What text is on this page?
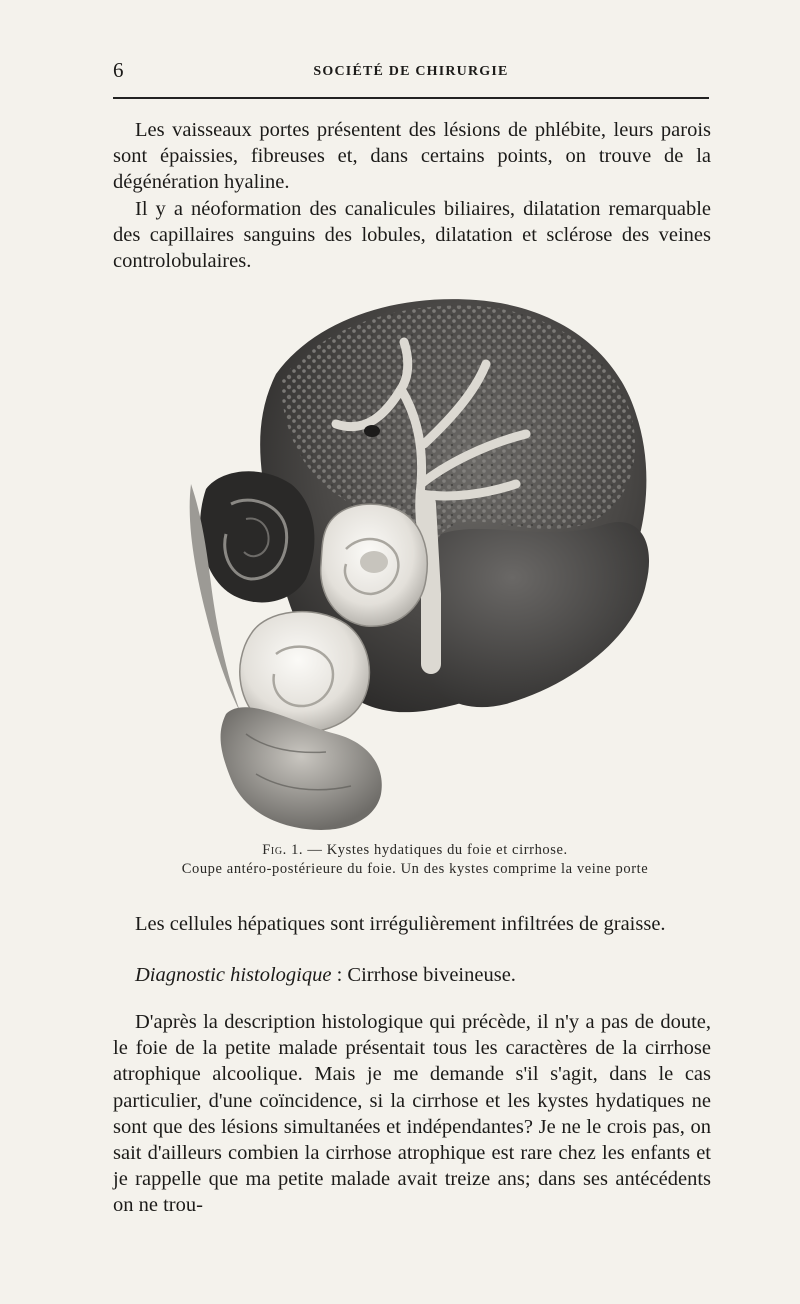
6	SOCIÉTÉ DE CHIRURGIE

Les vaisseaux portes présentent des lésions de phlébite, leurs parois sont épaissies, fibreuses et, dans certains points, on trouve de la dégénération hyaline.

Il y a néoformation des canalicules biliaires, dilatation remarquable des capillaires sanguins des lobules, dilatation et sclérose des veines controlobulaires.

Fig. 1. — Kystes hydatiques du foie et cirrhose.
Coupe antéro-postérieure du foie. Un des kystes comprime la veine porte

Les cellules hépatiques sont irrégulièrement infiltrées de graisse.

Diagnostic histologique : Cirrhose biveineuse.

D'après la description histologique qui précède, il n'y a pas de doute, le foie de la petite malade présentait tous les caractères de la cirrhose atrophique alcoolique. Mais je me demande s'il s'agit, dans le cas particulier, d'une coïncidence, si la cirrhose et les kystes hydatiques ne sont que des lésions simultanées et indépendantes? Je ne le crois pas, on sait d'ailleurs combien la cirrhose atrophique est rare chez les enfants et je rappelle que ma petite malade avait treize ans; dans ses antécédents on ne trou-
